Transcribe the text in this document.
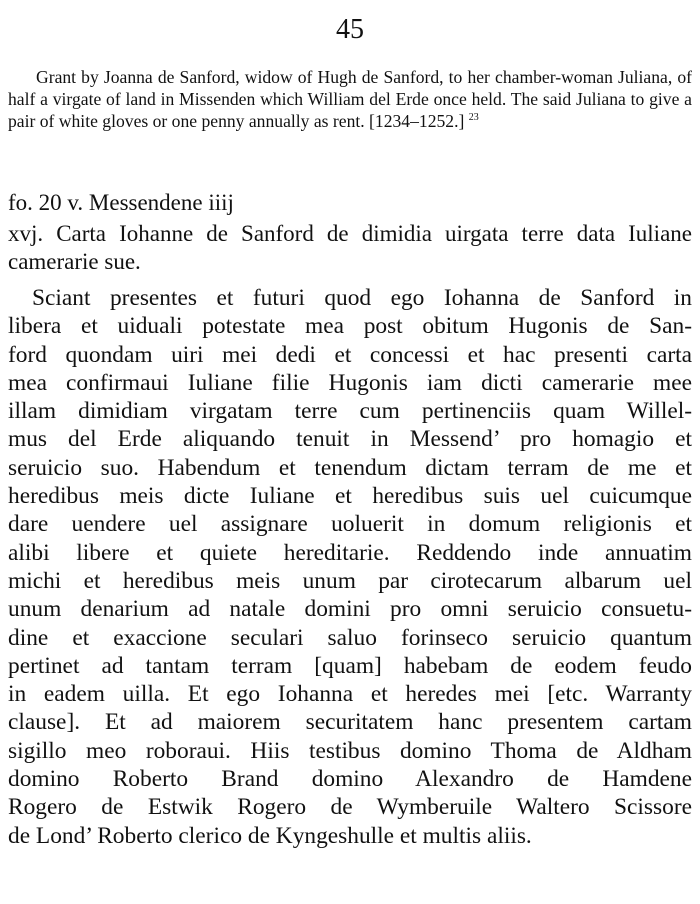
45

Grant by Joanna de Sanford, widow of Hugh de Sanford, to her chamber-woman Juliana, of half a virgate of land in Missenden which William del Erde once held. The said Juliana to give a pair of white gloves or one penny annually as rent. [1234–1252.] $^{23}$

fo. 20 v. Messendene iiij

xvj. Carta Iohanne de Sanford de dimidia uirgata terre data Iuliane camerarie sue.

Sciant presentes et futuri quod ego Iohanna de Sanford in
libera et uiduali potestate mea post obitum Hugonis de San-
ford quondam uiri mei dedi et concessi et hac presenti carta
mea confirmaui Iuliane filie Hugonis iam dicti camerarie mee
illam dimidiam virgatam terre cum pertinenciis quam Willel-
mus del Erde aliquando tenuit in Messend’ pro homagio et
seruicio suo. Habendum et tenendum dictam terram de me et
heredibus meis dicte Iuliane et heredibus suis uel cuicumque
dare uendere uel assignare uoluerit in domum religionis et
alibi libere et quiete hereditarie. Reddendo inde annuatim
michi et heredibus meis unum par cirotecarum albarum uel
unum denarium ad natale domini pro omni seruicio consuetu-
dine et exaccione seculari saluo forinseco seruicio quantum
pertinet ad tantam terram [quam] habebam de eodem feudo
in eadem uilla. Et ego Iohanna et heredes mei [etc. Warranty
clause]. Et ad maiorem securitatem hanc presentem cartam
sigillo meo roboraui. Hiis testibus domino Thoma de Aldham
domino Roberto Brand domino Alexandro de Hamdene
Rogero de Estwik Rogero de Wymberuile Waltero Scissore
de Lond’ Roberto clerico de Kyngeshulle et multis aliis.
